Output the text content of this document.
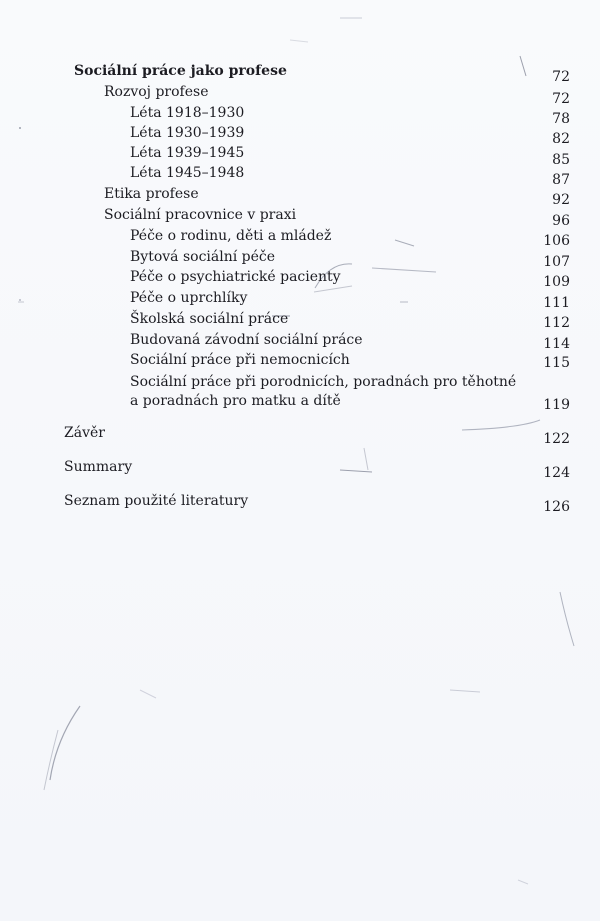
Sociální práce jako profese	72
Rozvoj profese	72
Léta 1918–1930	78
Léta 1930–1939	82
Léta 1939–1945	85
Léta 1945–1948	87
Etika profese	92
Sociální pracovnice v praxi	96
Péče o rodinu, děti a mládež	106
Bytová sociální péče	107
Péče o psychiatrické pacienty	109
Péče o uprchlíky	111
Školská sociální práce	112
Budovaná závodní sociální práce	114
Sociální práce při nemocnicích	115
Sociální práce při porodnicích, poradnách pro těhotné
a poradnách pro matku a dítě	119
Závěr	122
Summary	124
Seznam použité literatury	126
